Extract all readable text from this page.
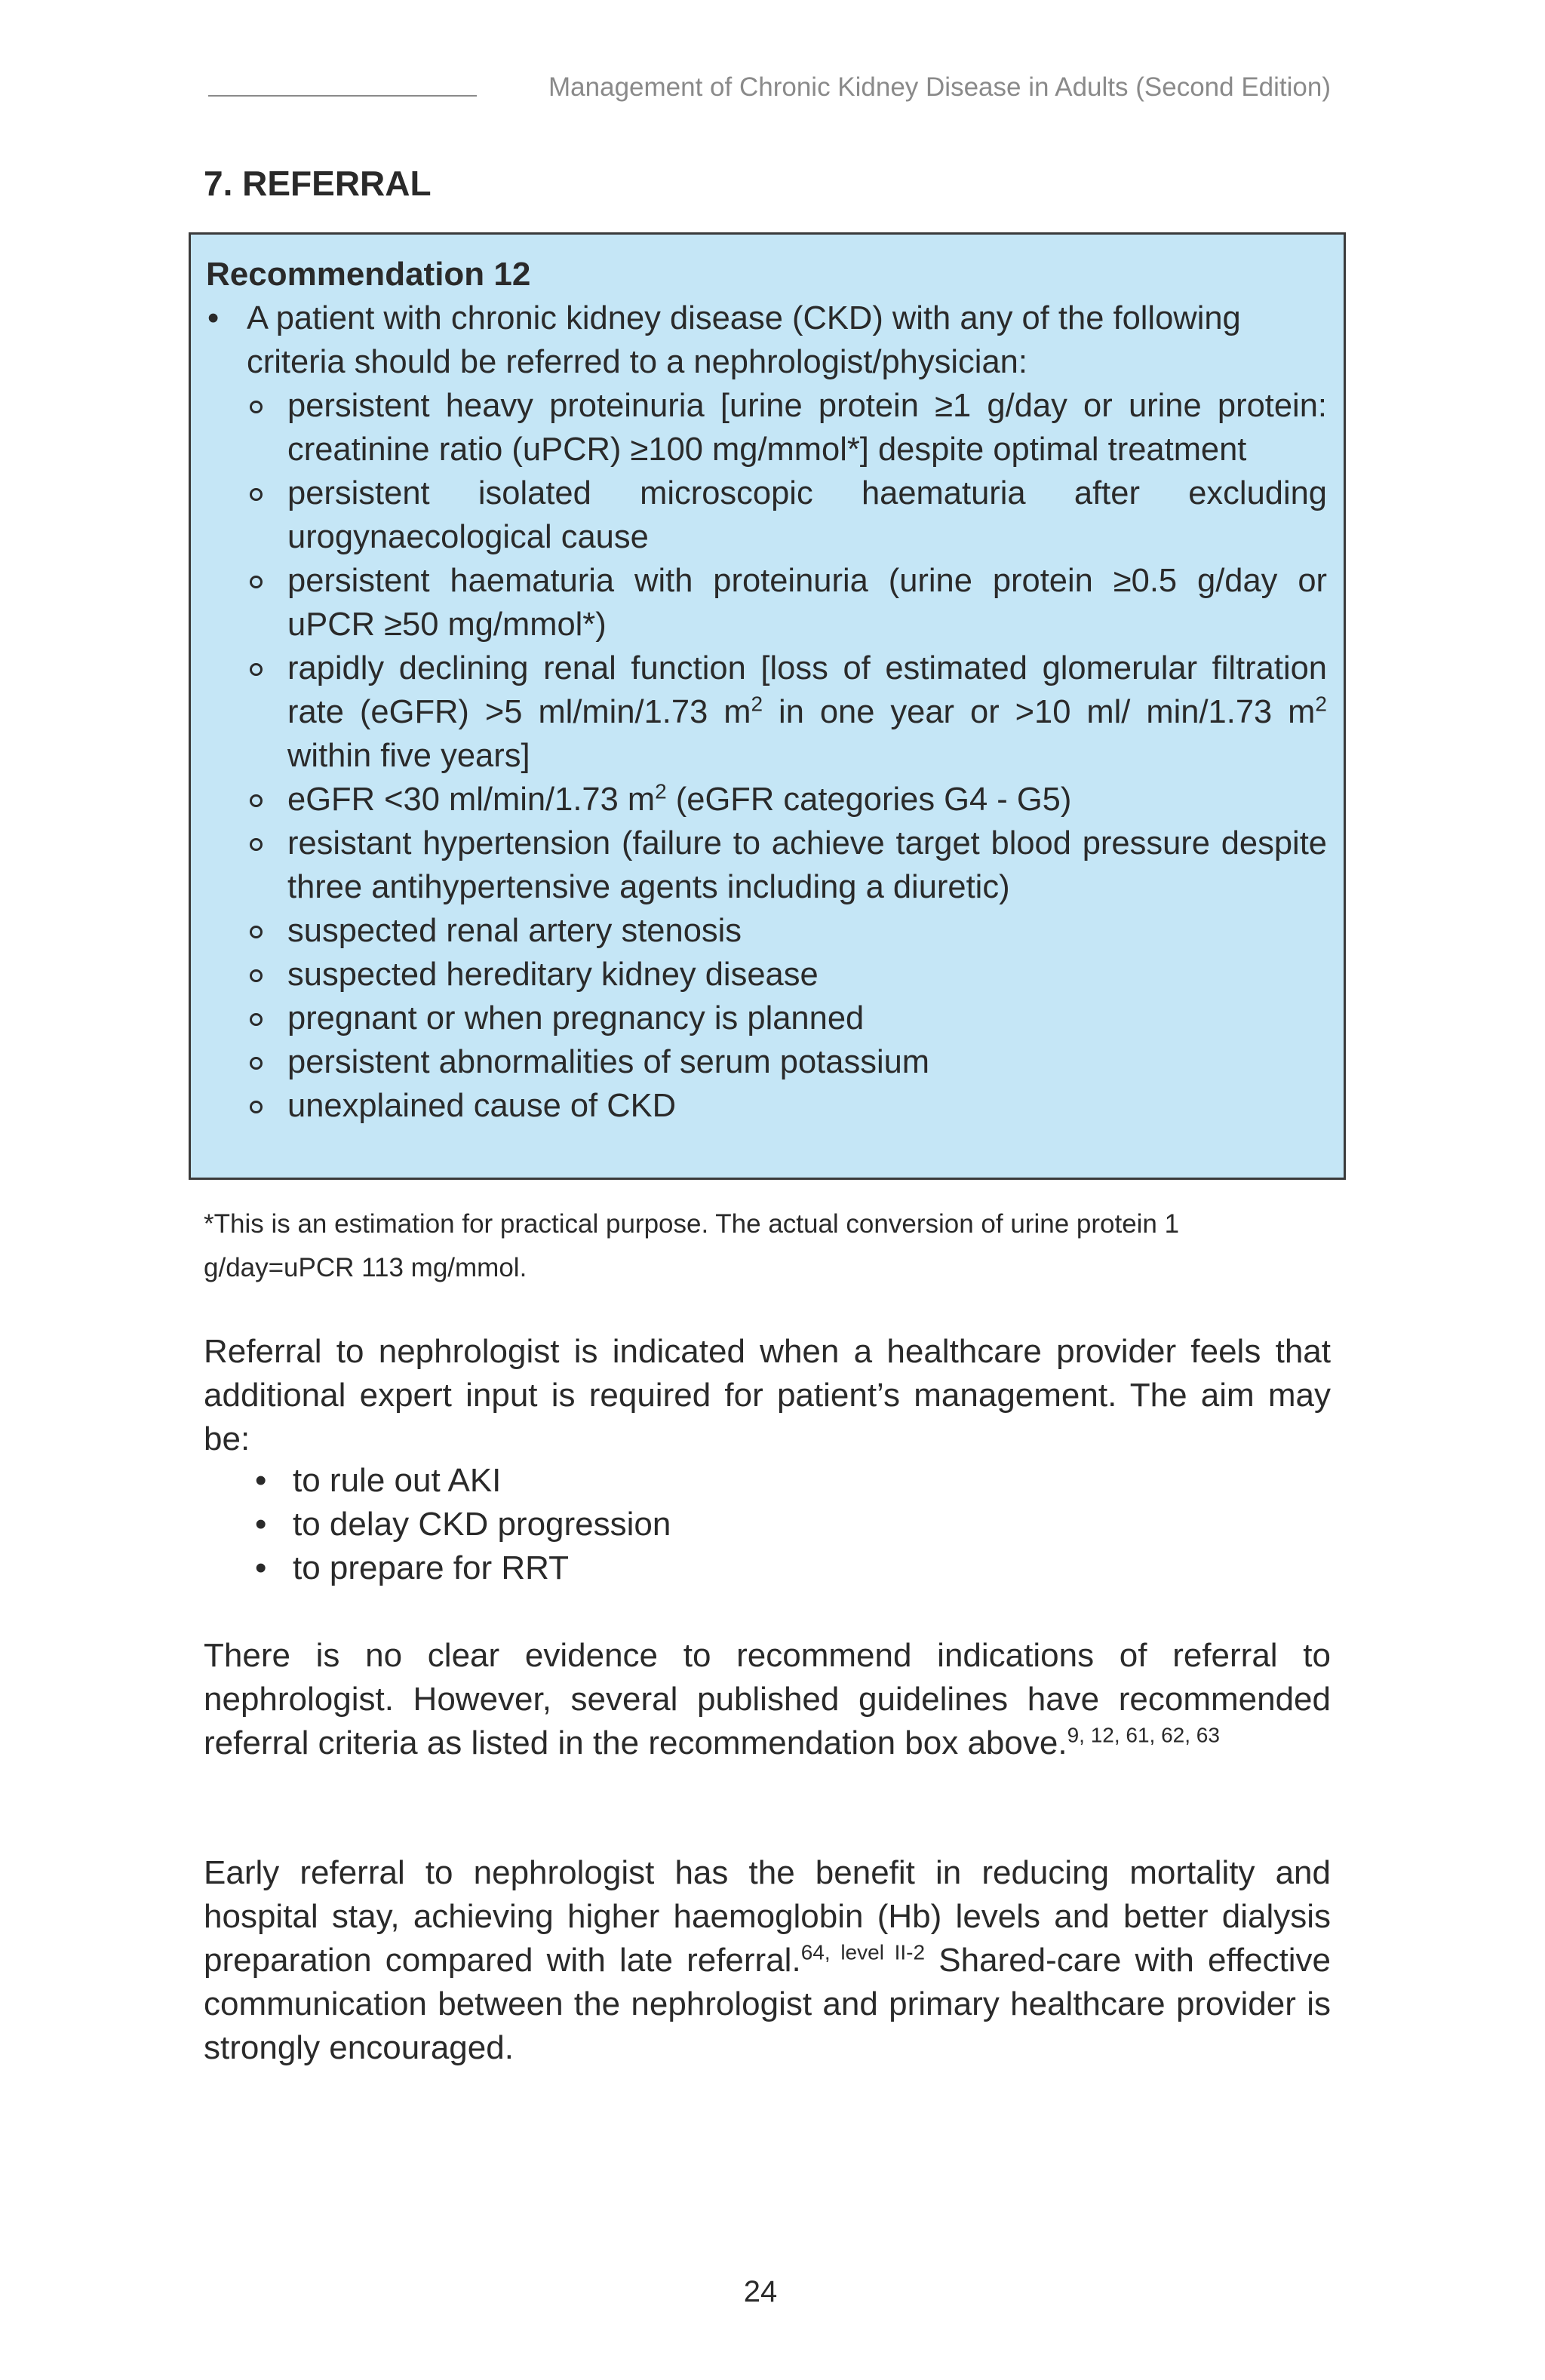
Management of Chronic Kidney Disease in Adults (Second Edition)
7. REFERRAL
Recommendation 12
• A patient with chronic kidney disease (CKD) with any of the following criteria should be referred to a nephrologist/physician:
persistent heavy proteinuria [urine protein ≥1 g/day or urine protein: creatinine ratio (uPCR) ≥100 mg/mmol*] despite optimal treatment
persistent isolated microscopic haematuria after excluding urogynaecological cause
persistent haematuria with proteinuria (urine protein ≥0.5 g/day or uPCR ≥50 mg/mmol*)
rapidly declining renal function [loss of estimated glomerular filtration rate (eGFR) >5 ml/min/1.73 $m^2$ in one year or >10 ml/ min/1.73 $m^2$ within five years]
eGFR <30 ml/min/1.73 $m^2$ (eGFR categories G4 - G5)
resistant hypertension (failure to achieve target blood pressure despite three antihypertensive agents including a diuretic)
suspected renal artery stenosis
suspected hereditary kidney disease
pregnant or when pregnancy is planned
persistent abnormalities of serum potassium
unexplained cause of CKD
*This is an estimation for practical purpose. The actual conversion of urine protein 1 g/day=uPCR 113 mg/mmol.
Referral to nephrologist is indicated when a healthcare provider feels that additional expert input is required for patient’s management. The aim may be:
• to rule out AKI
• to delay CKD progression
• to prepare for RRT
There is no clear evidence to recommend indications of referral to nephrologist. However, several published guidelines have recommended referral criteria as listed in the recommendation box above.$^{9, 12, 61, 62, 63}$
Early referral to nephrologist has the benefit in reducing mortality and hospital stay, achieving higher haemoglobin (Hb) levels and better dialysis preparation compared with late referral.$^{64, level II-2}$ Shared-care with effective communication between the nephrologist and primary healthcare provider is strongly encouraged.
24
